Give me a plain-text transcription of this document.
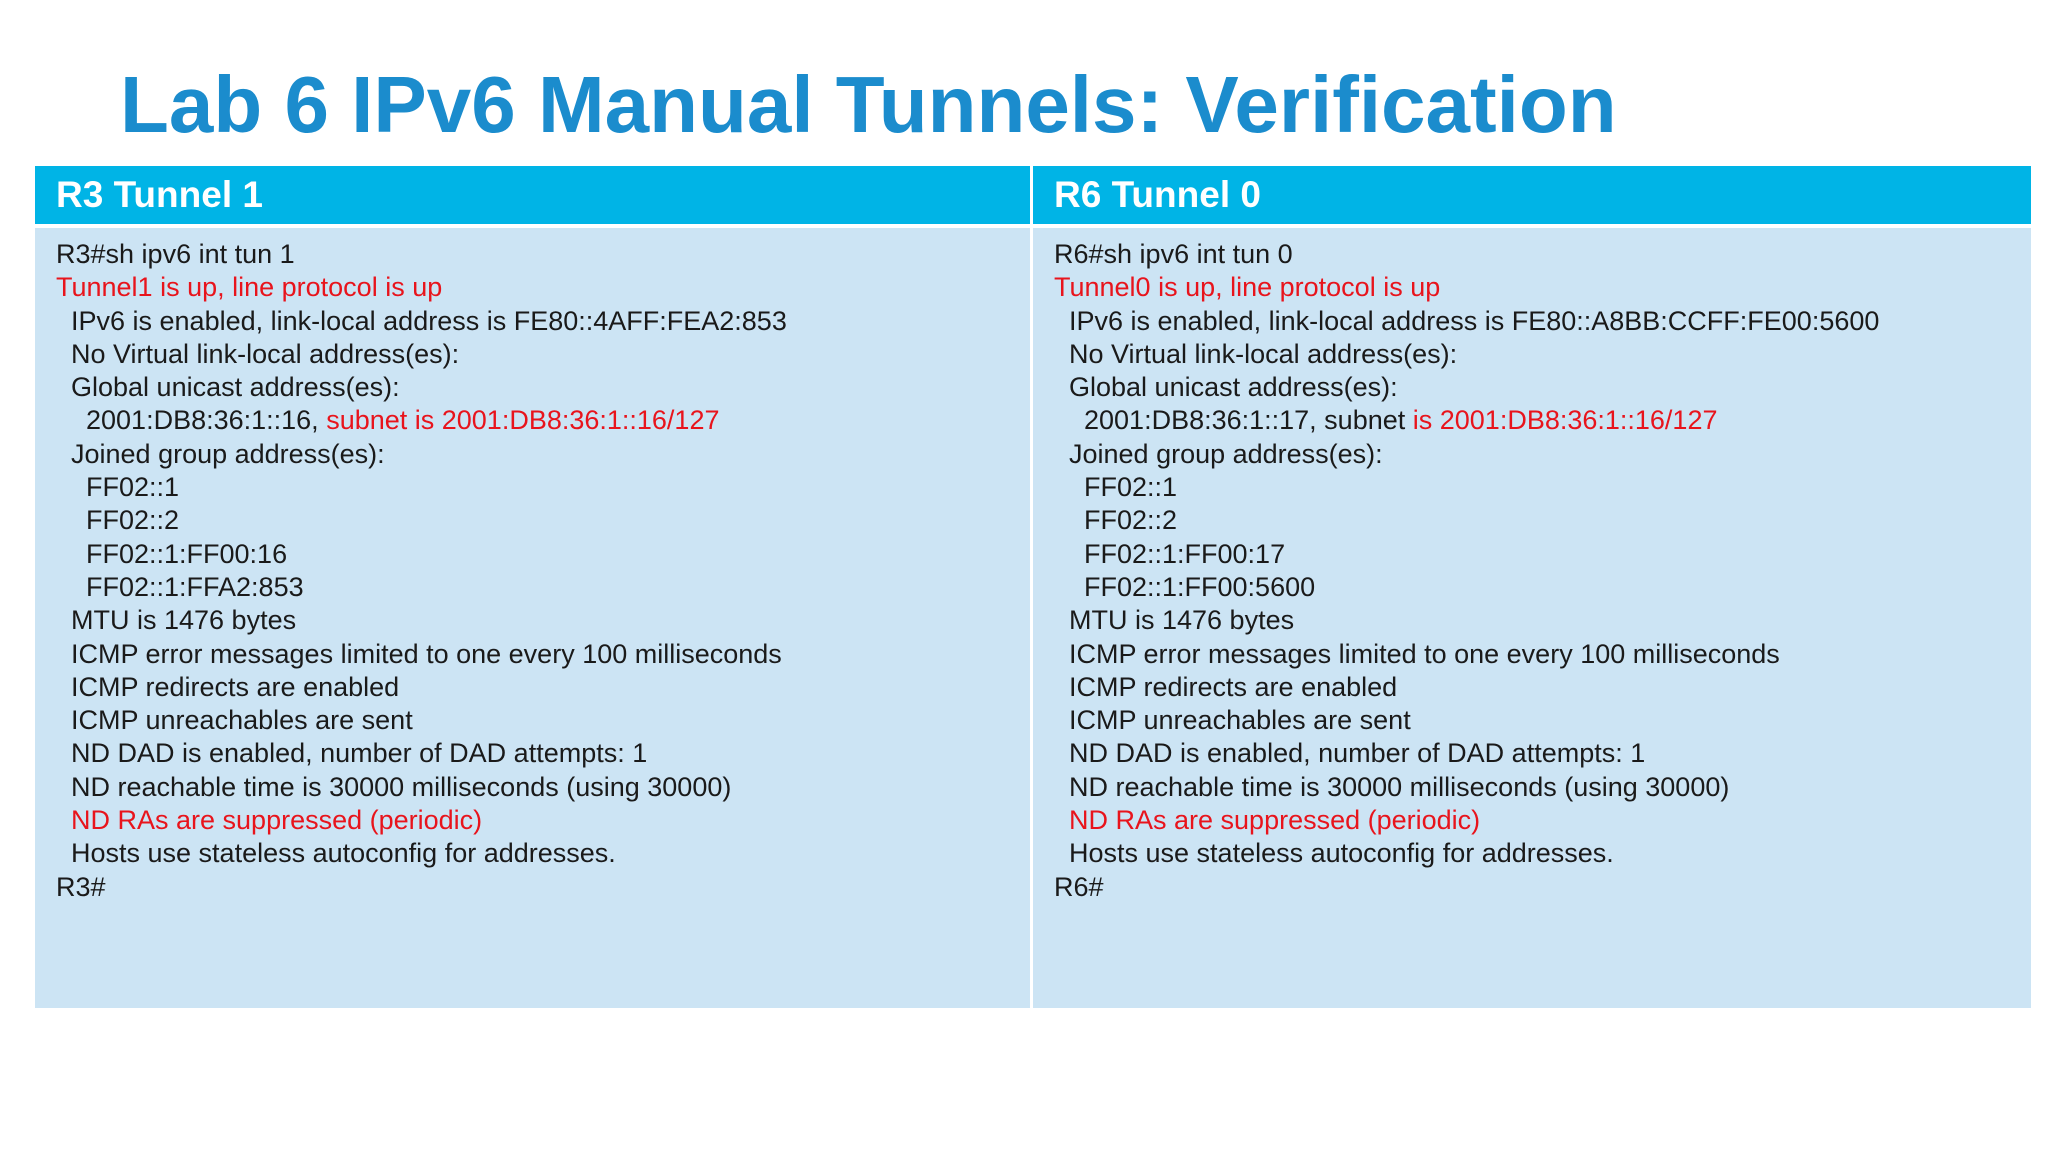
Lab 6 IPv6 Manual Tunnels: Verification
R3 Tunnel 1	R6 Tunnel 0
R3#sh ipv6 int tun 1
Tunnel1 is up, line protocol is up
IPv6 is enabled, link-local address is FE80::4AFF:FEA2:853
No Virtual link-local address(es):
Global unicast address(es):
2001:DB8:36:1::16, subnet is 2001:DB8:36:1::16/127
Joined group address(es):
FF02::1
FF02::2
FF02::1:FF00:16
FF02::1:FFA2:853
MTU is 1476 bytes
ICMP error messages limited to one every 100 milliseconds
ICMP redirects are enabled
ICMP unreachables are sent
ND DAD is enabled, number of DAD attempts: 1
ND reachable time is 30000 milliseconds (using 30000)
ND RAs are suppressed (periodic)
Hosts use stateless autoconfig for addresses.
R3#
R6#sh ipv6 int tun 0
Tunnel0 is up, line protocol is up
IPv6 is enabled, link-local address is FE80::A8BB:CCFF:FE00:5600
No Virtual link-local address(es):
Global unicast address(es):
2001:DB8:36:1::17, subnet is 2001:DB8:36:1::16/127
Joined group address(es):
FF02::1
FF02::2
FF02::1:FF00:17
FF02::1:FF00:5600
MTU is 1476 bytes
ICMP error messages limited to one every 100 milliseconds
ICMP redirects are enabled
ICMP unreachables are sent
ND DAD is enabled, number of DAD attempts: 1
ND reachable time is 30000 milliseconds (using 30000)
ND RAs are suppressed (periodic)
Hosts use stateless autoconfig for addresses.
R6#
